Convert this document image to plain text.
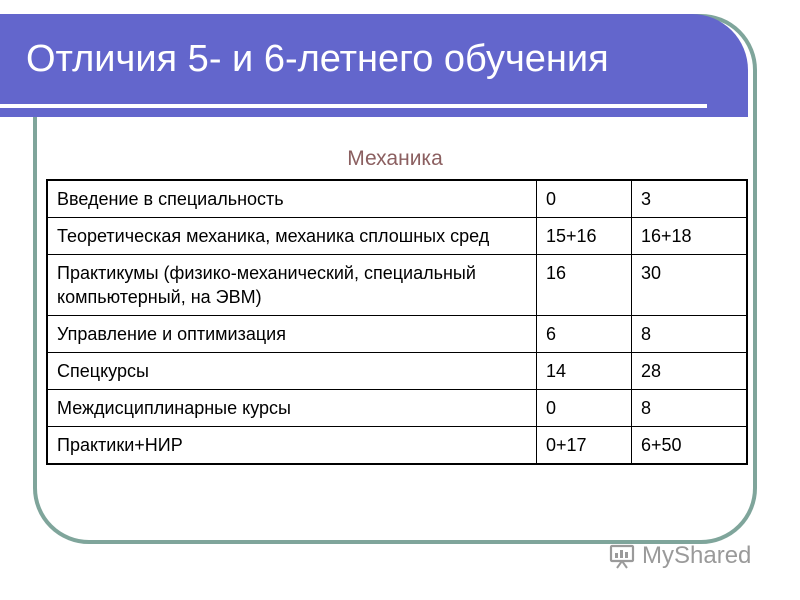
Отличия 5- и 6-летнего обучения
Механика
Введение в специальность	0	3
Теоретическая механика, механика сплошных сред	15+16	16+18
Практикумы (физико-механический, специальный компьютерный, на ЭВМ)	16	30
Управление и оптимизация	6	8
Спецкурсы	14	28
Междисциплинарные курсы	0	8
Практики+НИР	0+17	6+50
MyShared
